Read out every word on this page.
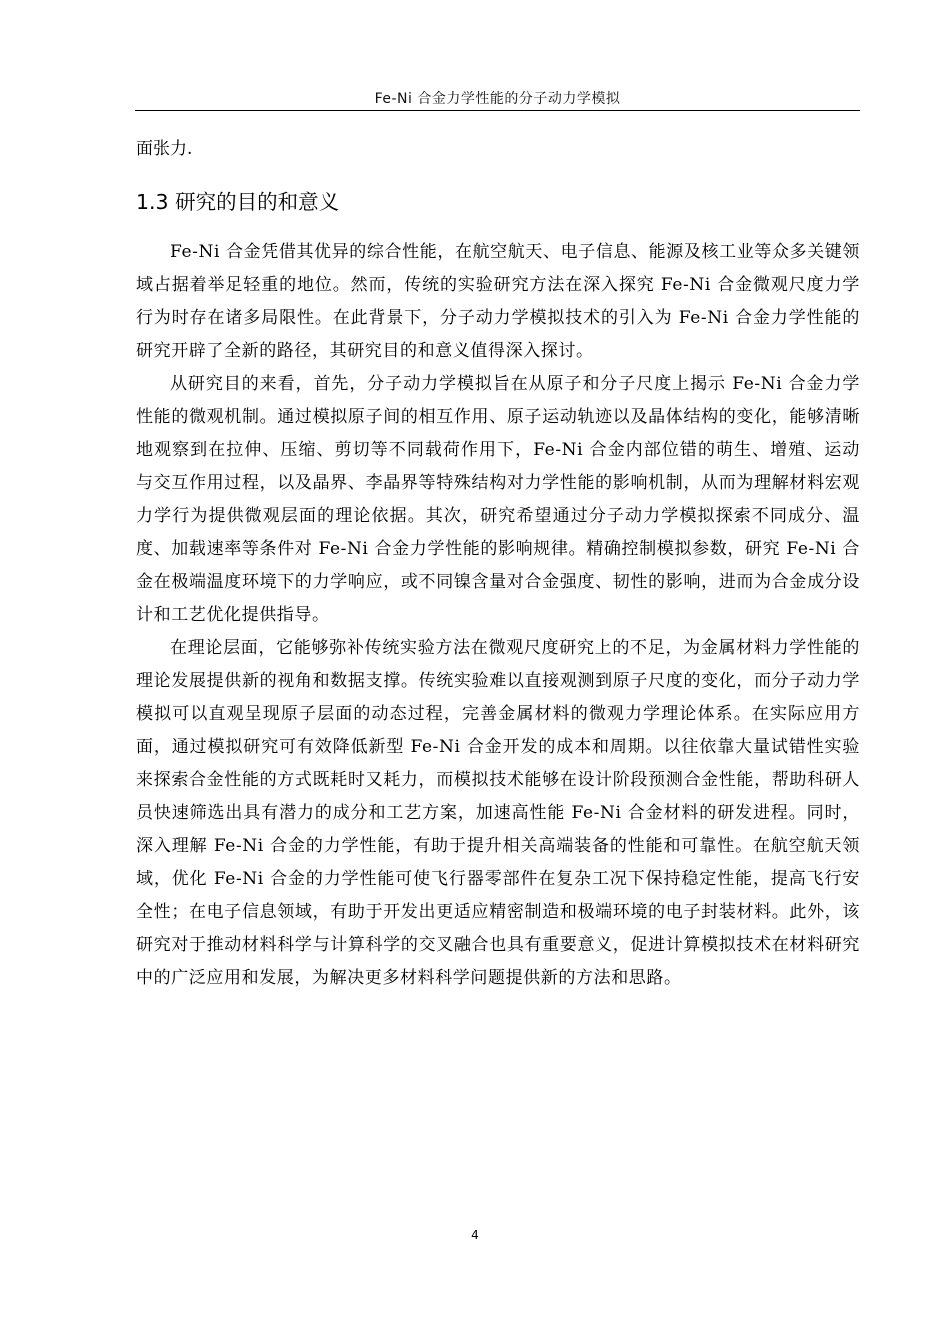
Fe-Ni 合金力学性能的分子动力学模拟

面张力.

1.3 研究的目的和意义

Fe-Ni 合金凭借其优异的综合性能，在航空航天、电子信息、能源及核工业等众多关键领域占据着举足轻重的地位。然而，传统的实验研究方法在深入探究 Fe-Ni 合金微观尺度力学行为时存在诸多局限性。在此背景下，分子动力学模拟技术的引入为 Fe-Ni 合金力学性能的研究开辟了全新的路径，其研究目的和意义值得深入探讨。

从研究目的来看，首先，分子动力学模拟旨在从原子和分子尺度上揭示 Fe-Ni 合金力学性能的微观机制。通过模拟原子间的相互作用、原子运动轨迹以及晶体结构的变化，能够清晰地观察到在拉伸、压缩、剪切等不同载荷作用下，Fe-Ni 合金内部位错的萌生、增殖、运动与交互作用过程，以及晶界、李晶界等特殊结构对力学性能的影响机制，从而为理解材料宏观力学行为提供微观层面的理论依据。其次，研究希望通过分子动力学模拟探索不同成分、温度、加载速率等条件对 Fe-Ni 合金力学性能的影响规律。精确控制模拟参数，研究 Fe-Ni 合金在极端温度环境下的力学响应，或不同镍含量对合金强度、韧性的影响，进而为合金成分设计和工艺优化提供指导。

在理论层面，它能够弥补传统实验方法在微观尺度研究上的不足，为金属材料力学性能的理论发展提供新的视角和数据支撑。传统实验难以直接观测到原子尺度的变化，而分子动力学模拟可以直观呈现原子层面的动态过程，完善金属材料的微观力学理论体系。在实际应用方面，通过模拟研究可有效降低新型 Fe-Ni 合金开发的成本和周期。以往依靠大量试错性实验来探索合金性能的方式既耗时又耗力，而模拟技术能够在设计阶段预测合金性能，帮助科研人员快速筛选出具有潜力的成分和工艺方案，加速高性能 Fe-Ni 合金材料的研发进程。同时，深入理解 Fe-Ni 合金的力学性能，有助于提升相关高端装备的性能和可靠性。在航空航天领域，优化 Fe-Ni 合金的力学性能可使飞行器零部件在复杂工况下保持稳定性能，提高飞行安全性；在电子信息领域，有助于开发出更适应精密制造和极端环境的电子封装材料。此外，该研究对于推动材料科学与计算科学的交叉融合也具有重要意义，促进计算模拟技术在材料研究中的广泛应用和发展，为解决更多材料科学问题提供新的方法和思路。

4
